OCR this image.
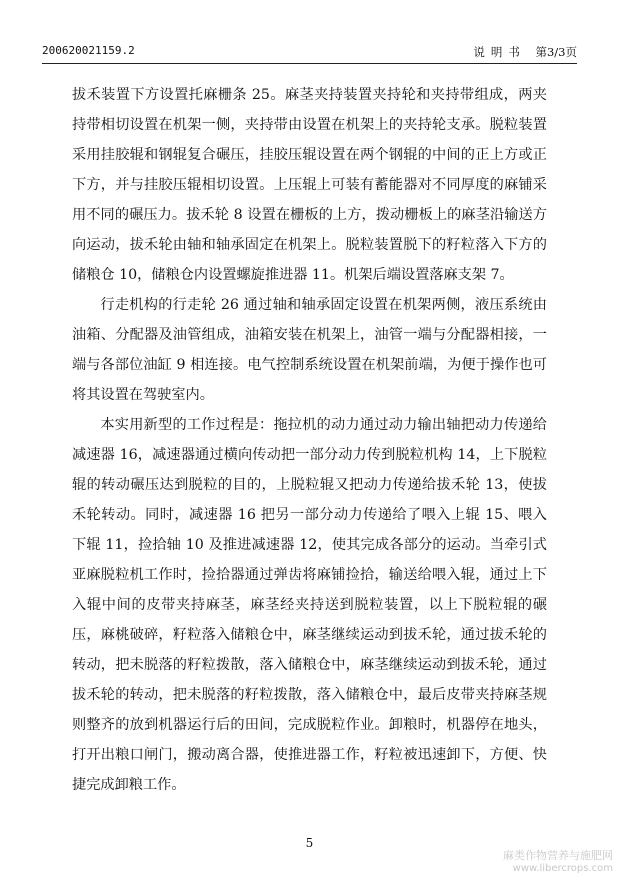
200620021159.2	说明书 第3/3页

拔禾装置下方设置托麻栅条 25。麻茎夹持装置夹持轮和夹持带组成，两夹持带相切设置在机架一侧，夹持带由设置在机架上的夹持轮支承。脱粒装置采用挂胶辊和钢辊复合碾压，挂胶压辊设置在两个钢辊的中间的正上方或正下方，并与挂胶压辊相切设置。上压辊上可装有蓄能器对不同厚度的麻铺采用不同的碾压力。拔禾轮 8 设置在栅板的上方，拨动栅板上的麻茎沿输送方向运动，拔禾轮由轴和轴承固定在机架上。脱粒装置脱下的籽粒落入下方的储粮仓 10，储粮仓内设置螺旋推进器 11。机架后端设置落麻支架 7。

行走机构的行走轮 26 通过轴和轴承固定设置在机架两侧，液压系统由油箱、分配器及油管组成，油箱安装在机架上，油管一端与分配器相接，一端与各部位油缸 9 相连接。电气控制系统设置在机架前端，为便于操作也可将其设置在驾驶室内。

本实用新型的工作过程是：拖拉机的动力通过动力输出轴把动力传递给减速器 16，减速器通过横向传动把一部分动力传到脱粒机构 14，上下脱粒辊的转动碾压达到脱粒的目的，上脱粒辊又把动力传递给拔禾轮 13，使拔禾轮转动。同时，减速器 16 把另一部分动力传递给了喂入上辊 15、喂入下辊 11，捡拾轴 10 及推进减速器 12，使其完成各部分的运动。当牵引式亚麻脱粒机工作时，捡拾器通过弹齿将麻铺捡拾，输送给喂入辊，通过上下入辊中间的皮带夹持麻茎，麻茎经夹持送到脱粒装置，以上下脱粒辊的碾压，麻桃破碎，籽粒落入储粮仓中，麻茎继续运动到拔禾轮，通过拔禾轮的转动，把未脱落的籽粒拨散，落入储粮仓中，麻茎继续运动到拔禾轮，通过拔禾轮的转动，把未脱落的籽粒拨散，落入储粮仓中，最后皮带夹持麻茎规则整齐的放到机器运行后的田间，完成脱粒作业。卸粮时，机器停在地头，打开出粮口闸门，搬动离合器，使推进器工作，籽粒被迅速卸下，方便、快捷完成卸粮工作。

5
麻类作物营养与施肥网
www.libercrops.com
